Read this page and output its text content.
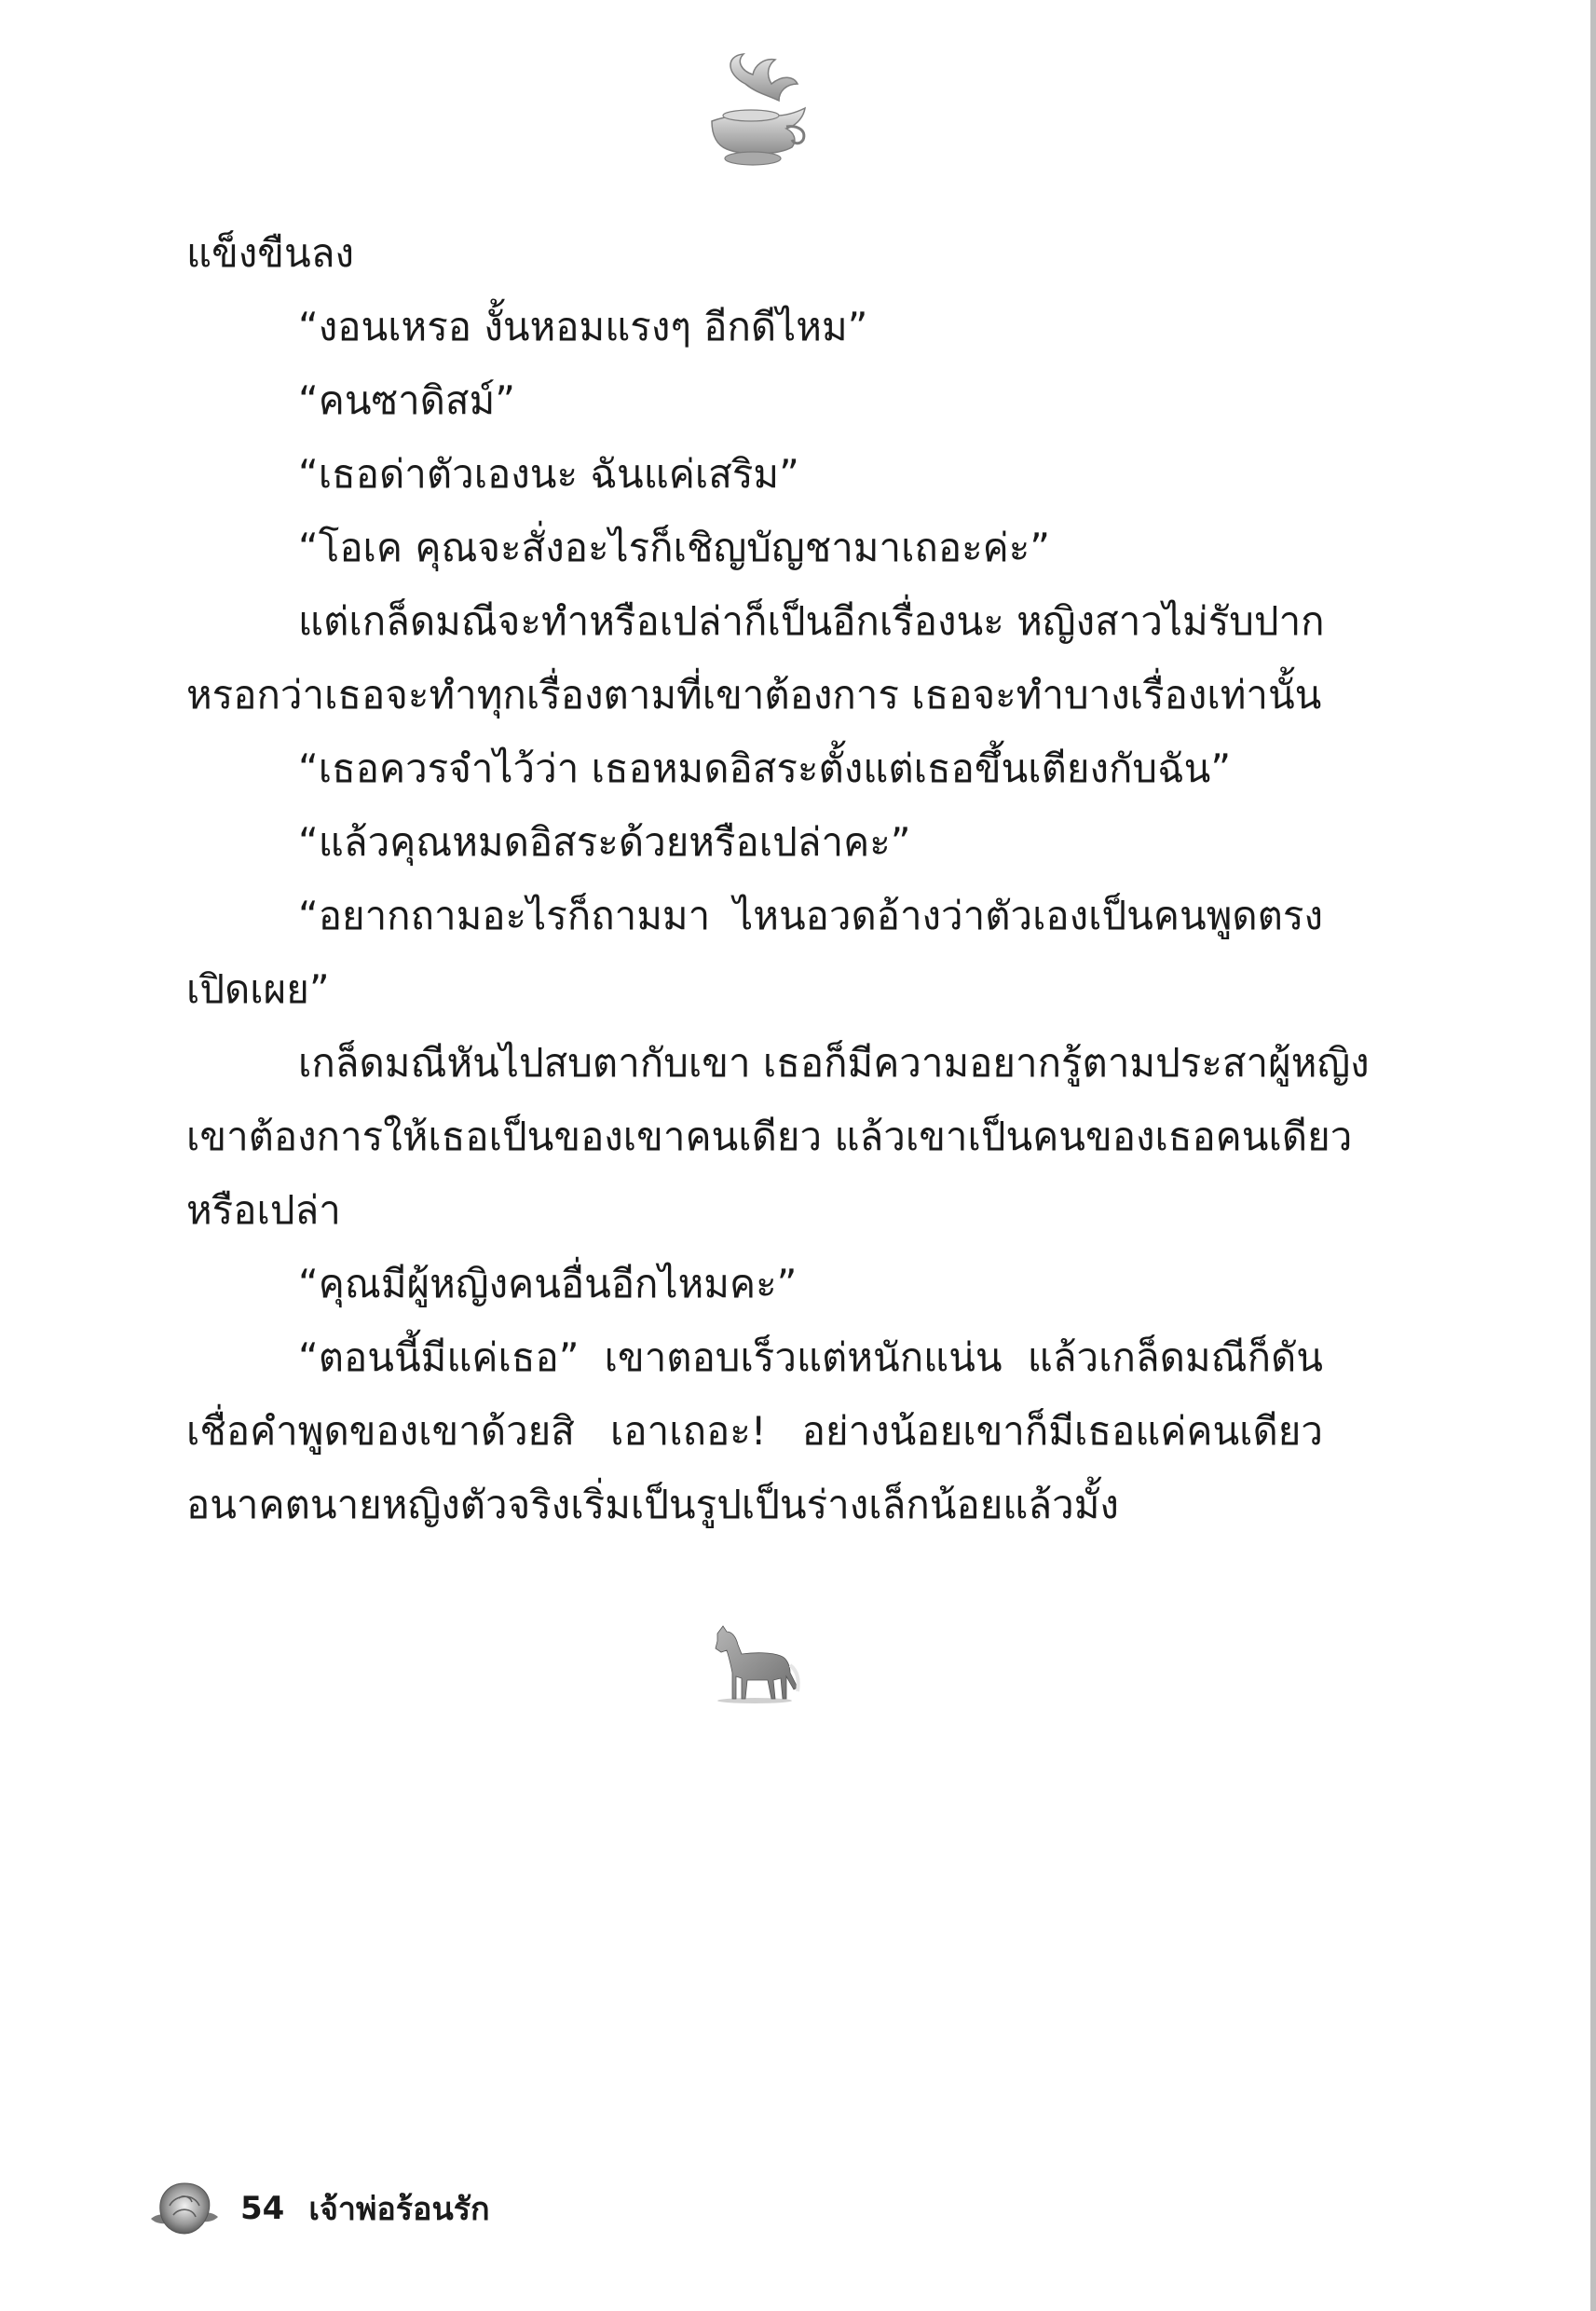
แข็งขืนลง

“งอนเหรอ งั้นหอมแรงๆ อีกดีไหม”

“คนซาดิสม์”

“เธอด่าตัวเองนะ ฉันแค่เสริม”

“โอเค คุณจะสั่งอะไรก็เชิญบัญชามาเถอะค่ะ”

แต่เกล็ดมณีจะทำหรือเปล่าก็เป็นอีกเรื่องนะ หญิงสาวไม่รับปาก

หรอกว่าเธอจะทำทุกเรื่องตามที่เขาต้องการ เธอจะทำบางเรื่องเท่านั้น

“เธอควรจำไว้ว่า เธอหมดอิสระตั้งแต่เธอขึ้นเตียงกับฉัน”

“แล้วคุณหมดอิสระด้วยหรือเปล่าคะ”

“อยากถามอะไรก็ถามมา ไหนอวดอ้างว่าตัวเองเป็นคนพูดตรง

เปิดเผย”

เกล็ดมณีหันไปสบตากับเขา เธอก็มีความอยากรู้ตามประสาผู้หญิง

เขาต้องการให้เธอเป็นของเขาคนเดียว แล้วเขาเป็นคนของเธอคนเดียว

หรือเปล่า

“คุณมีผู้หญิงคนอื่นอีกไหมคะ”

“ตอนนี้มีแค่เธอ” เขาตอบเร็วแต่หนักแน่น แล้วเกล็ดมณีก็ดัน

เชื่อคำพูดของเขาด้วยสิ เอาเถอะ! อย่างน้อยเขาก็มีเธอแค่คนเดียว

อนาคตนายหญิงตัวจริงเริ่มเป็นรูปเป็นร่างเล็กน้อยแล้วมั้ง

54 เจ้าพ่อร้อนรัก
